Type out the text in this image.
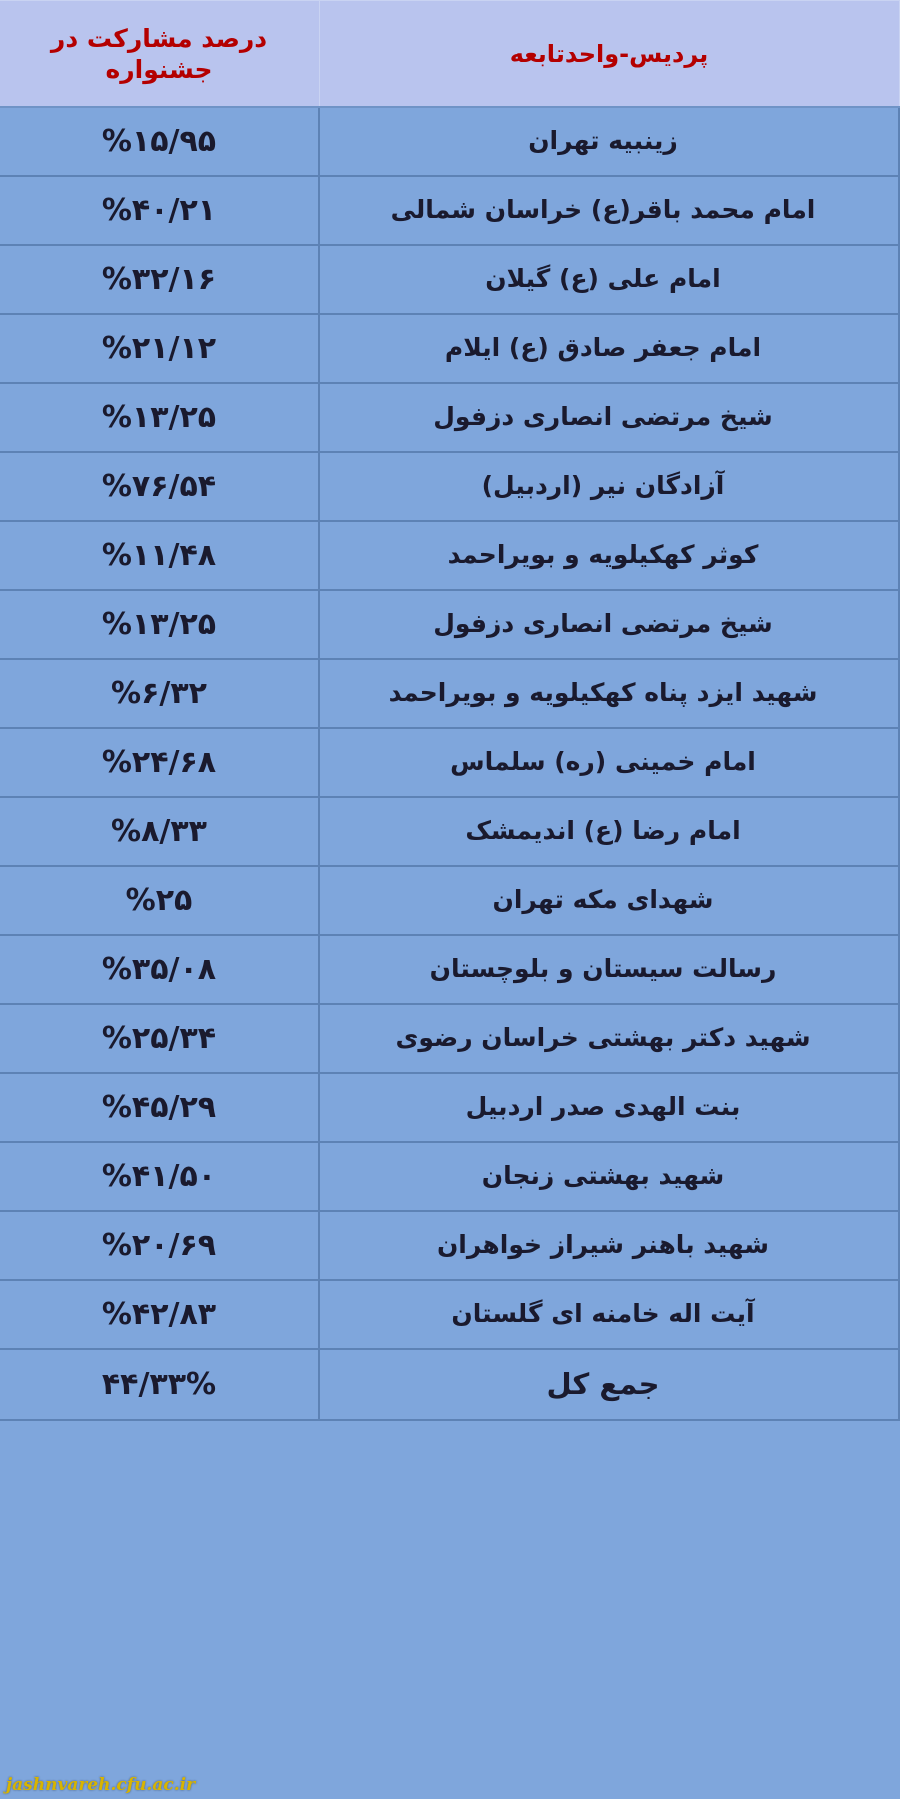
پردیس-واحدتابعه	درصد مشارکت در جشنواره
زینبیه تهران	%۱۵/۹۵
امام محمد باقر(ع) خراسان شمالی	%۴۰/۲۱
امام علی (ع) گیلان	%۳۲/۱۶
امام جعفر صادق (ع) ایلام	%۲۱/۱۲
شیخ مرتضی انصاری دزفول	%۱۳/۲۵
آزادگان نیر (اردبیل)	%۷۶/۵۴
کوثر کهکیلویه و بویراحمد	%۱۱/۴۸
شیخ مرتضی انصاری دزفول	%۱۳/۲۵
شهید ایزد پناه کهکیلویه و بویراحمد	%۶/۳۲
امام خمینی (ره) سلماس	%۲۴/۶۸
امام رضا (ع) اندیمشک	%۸/۳۳
شهدای مکه تهران	%۲۵
رسالت سیستان و بلوچستان	%۳۵/۰۸
شهید دکتر بهشتی خراسان رضوی	%۲۵/۳۴
بنت الهدی صدر اردبیل	%۴۵/۲۹
شهید بهشتی زنجان	%۴۱/۵۰
شهید باهنر شیراز خواهران	%۲۰/۶۹
آیت اله خامنه ای گلستان	%۴۲/۸۳
جمع کل	۴۴/۳۳%
jashnvareh.cfu.ac.ir
